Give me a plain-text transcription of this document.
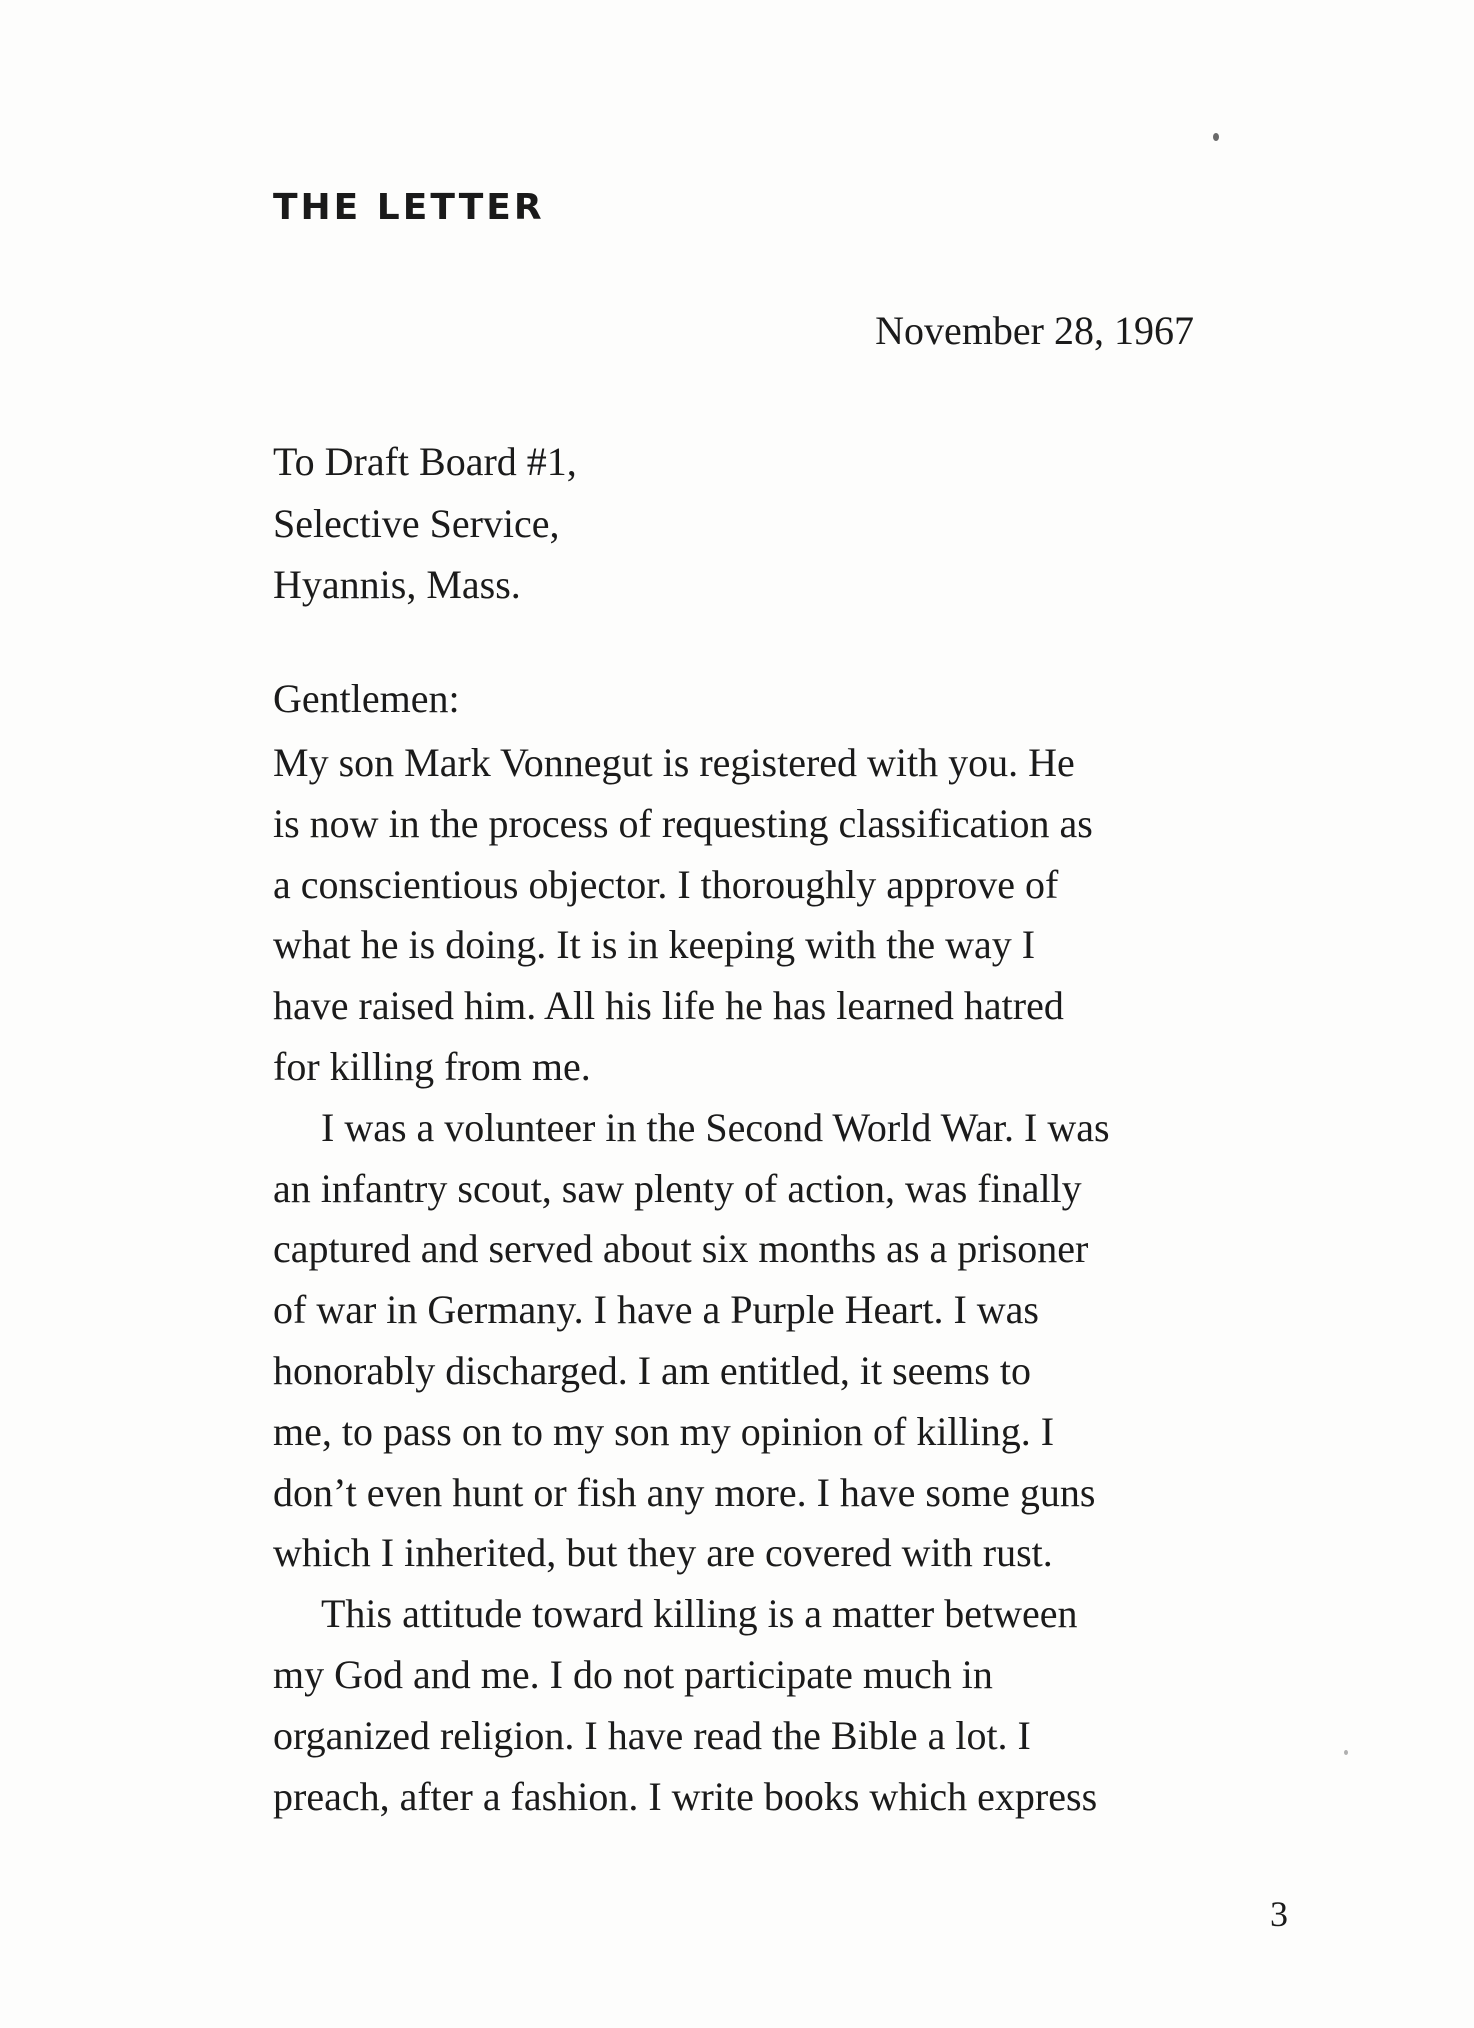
THE LETTER
November 28, 1967
To Draft Board #1,
Selective Service,
Hyannis, Mass.
Gentlemen:

My son Mark Vonnegut is registered with you. He
is now in the process of requesting classification as
a conscientious objector. I thoroughly approve of
what he is doing. It is in keeping with the way I
have raised him. All his life he has learned hatred
for killing from me.

I was a volunteer in the Second World War. I was
an infantry scout, saw plenty of action, was finally
captured and served about six months as a prisoner
of war in Germany. I have a Purple Heart. I was
honorably discharged. I am entitled, it seems to
me, to pass on to my son my opinion of killing. I
don’t even hunt or fish any more. I have some guns
which I inherited, but they are covered with rust.

This attitude toward killing is a matter between
my God and me. I do not participate much in
organized religion. I have read the Bible a lot. I
preach, after a fashion. I write books which express

3
